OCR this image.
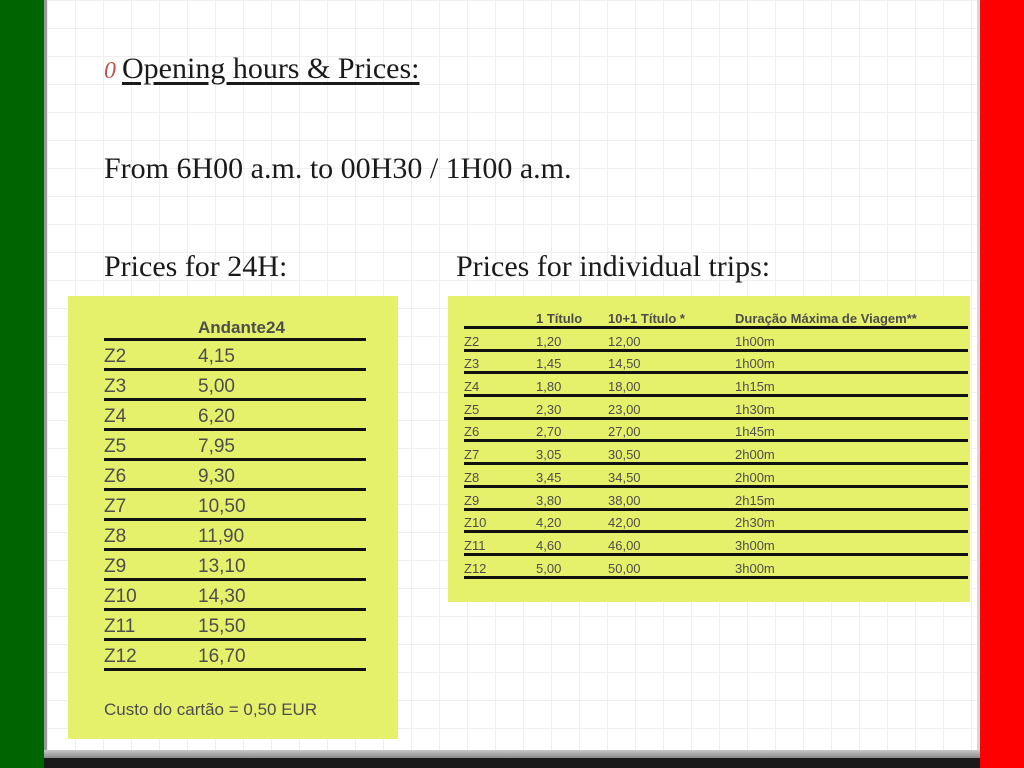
0 Opening hours & Prices:
From 6H00 a.m. to 00H30 / 1H00 a.m.
Prices for 24H:	Prices for individual trips:
	Andante24
Z2	4,15
Z3	5,00
Z4	6,20
Z5	7,95
Z6	9,30
Z7	10,50
Z8	11,90
Z9	13,10
Z10	14,30
Z11	15,50
Z12	16,70
Custo do cartão = 0,50 EUR
	1 Título	10+1 Título *	Duração Máxima de Viagem**
Z2	1,20	12,00	1h00m
Z3	1,45	14,50	1h00m
Z4	1,80	18,00	1h15m
Z5	2,30	23,00	1h30m
Z6	2,70	27,00	1h45m
Z7	3,05	30,50	2h00m
Z8	3,45	34,50	2h00m
Z9	3,80	38,00	2h15m
Z10	4,20	42,00	2h30m
Z11	4,60	46,00	3h00m
Z12	5,00	50,00	3h00m
